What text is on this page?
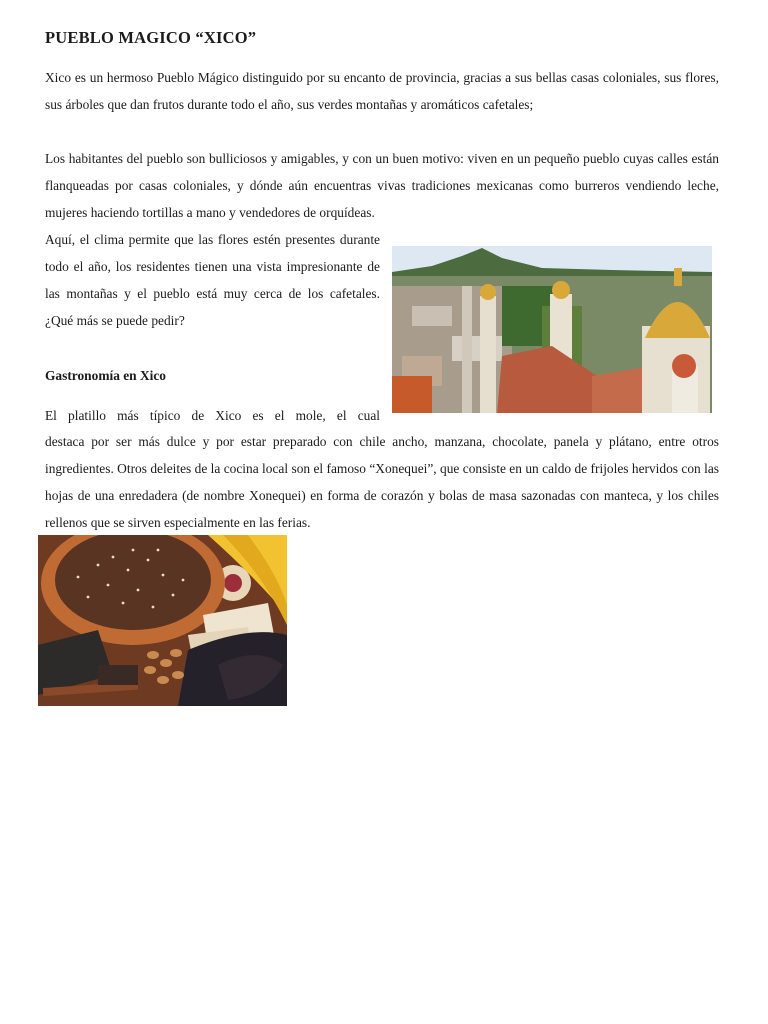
PUEBLO MAGICO “XICO”
Xico es un hermoso Pueblo Mágico distinguido por su encanto de provincia, gracias a sus bellas casas coloniales, sus flores, sus árboles que dan frutos durante todo el año, sus verdes montañas y aromáticos cafetales;
Los habitantes del pueblo son bulliciosos y amigables, y con un buen motivo: viven en un pequeño pueblo cuyas calles están flanqueadas por casas coloniales, y dónde aún encuentras vivas tradiciones mexicanas como burreros vendiendo leche, mujeres haciendo tortillas a mano y vendedores de orquídeas.
Aquí, el clima permite que las flores estén presentes durante todo el año, los residentes tienen una vista impresionante de las montañas y el pueblo está muy cerca de los cafetales. ¿Qué más se puede pedir?
Gastronomía en Xico
El platillo más típico de Xico es el mole, el cual
destaca por ser más dulce y por estar preparado con chile ancho, manzana, chocolate, panela y plátano, entre otros ingredientes. Otros deleites de la cocina local son el famoso “Xonequei”, que consiste en un caldo de frijoles hervidos con las hojas de una enredadera (de nombre Xonequei) en forma de corazón y bolas de masa sazonadas con manteca, y los chiles rellenos que se sirven especialmente en las ferias.
